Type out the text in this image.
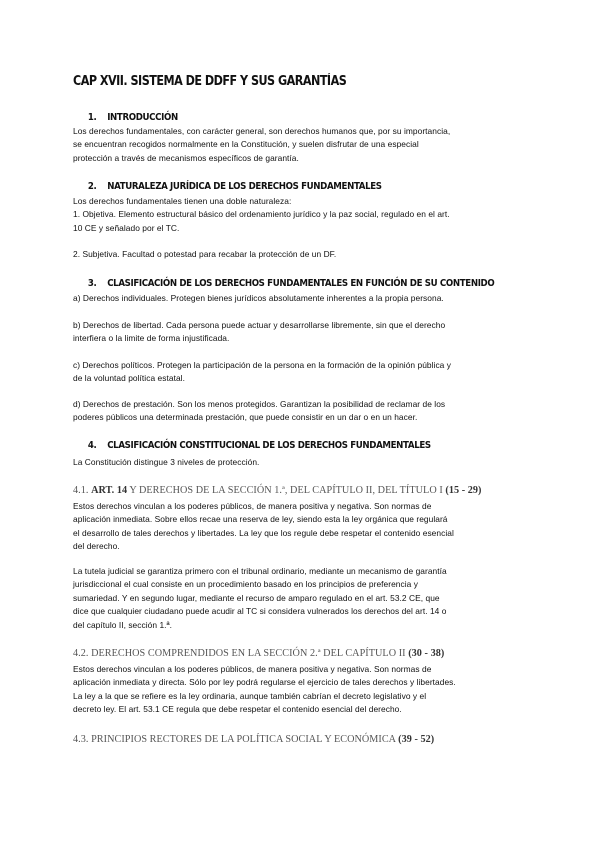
CAP XVII. SISTEMA DE DDFF Y SUS GARANTÍAS
1. INTRODUCCIÓN
Los derechos fundamentales, con carácter general, son derechos humanos que, por su importancia,
se encuentran recogidos normalmente en la Constitución, y suelen disfrutar de una especial
protección a través de mecanismos específicos de garantía.
2. NATURALEZA JURÍDICA DE LOS DERECHOS FUNDAMENTALES
Los derechos fundamentales tienen una doble naturaleza:
1. Objetiva. Elemento estructural básico del ordenamiento jurídico y la paz social, regulado en el art.
10 CE y señalado por el TC.
2. Subjetiva. Facultad o potestad para recabar la protección de un DF.
3. CLASIFICACIÓN DE LOS DERECHOS FUNDAMENTALES EN FUNCIÓN DE SU CONTENIDO
a) Derechos individuales. Protegen bienes jurídicos absolutamente inherentes a la propia persona.
b) Derechos de libertad. Cada persona puede actuar y desarrollarse libremente, sin que el derecho
interfiera o la limite de forma injustificada.
c) Derechos políticos. Protegen la participación de la persona en la formación de la opinión pública y
de la voluntad política estatal.
d) Derechos de prestación. Son los menos protegidos. Garantizan la posibilidad de reclamar de los
poderes públicos una determinada prestación, que puede consistir en un dar o en un hacer.
4. CLASIFICACIÓN CONSTITUCIONAL DE LOS DERECHOS FUNDAMENTALES
La Constitución distingue 3 niveles de protección.
4.1. ART. 14 Y DERECHOS DE LA SECCIÓN 1.ª, DEL CAPÍTULO II, DEL TÍTULO I (15 - 29)
Estos derechos vinculan a los poderes públicos, de manera positiva y negativa. Son normas de
aplicación inmediata. Sobre ellos recae una reserva de ley, siendo esta la ley orgánica que regulará
el desarrollo de tales derechos y libertades. La ley que los regule debe respetar el contenido esencial
del derecho.
La tutela judicial se garantiza primero con el tribunal ordinario, mediante un mecanismo de garantía
jurisdiccional el cual consiste en un procedimiento basado en los principios de preferencia y
sumariedad. Y en segundo lugar, mediante el recurso de amparo regulado en el art. 53.2 CE, que
dice que cualquier ciudadano puede acudir al TC si considera vulnerados los derechos del art. 14 o
del capítulo II, sección 1.ª.
4.2. DERECHOS COMPRENDIDOS EN LA SECCIÓN 2.ª DEL CAPÍTULO II (30 - 38)
Estos derechos vinculan a los poderes públicos, de manera positiva y negativa. Son normas de
aplicación inmediata y directa. Sólo por ley podrá regularse el ejercicio de tales derechos y libertades.
La ley a la que se refiere es la ley ordinaria, aunque también cabrían el decreto legislativo y el
decreto ley. El art. 53.1 CE regula que debe respetar el contenido esencial del derecho.
4.3. PRINCIPIOS RECTORES DE LA POLÍTICA SOCIAL Y ECONÓMICA (39 - 52)
